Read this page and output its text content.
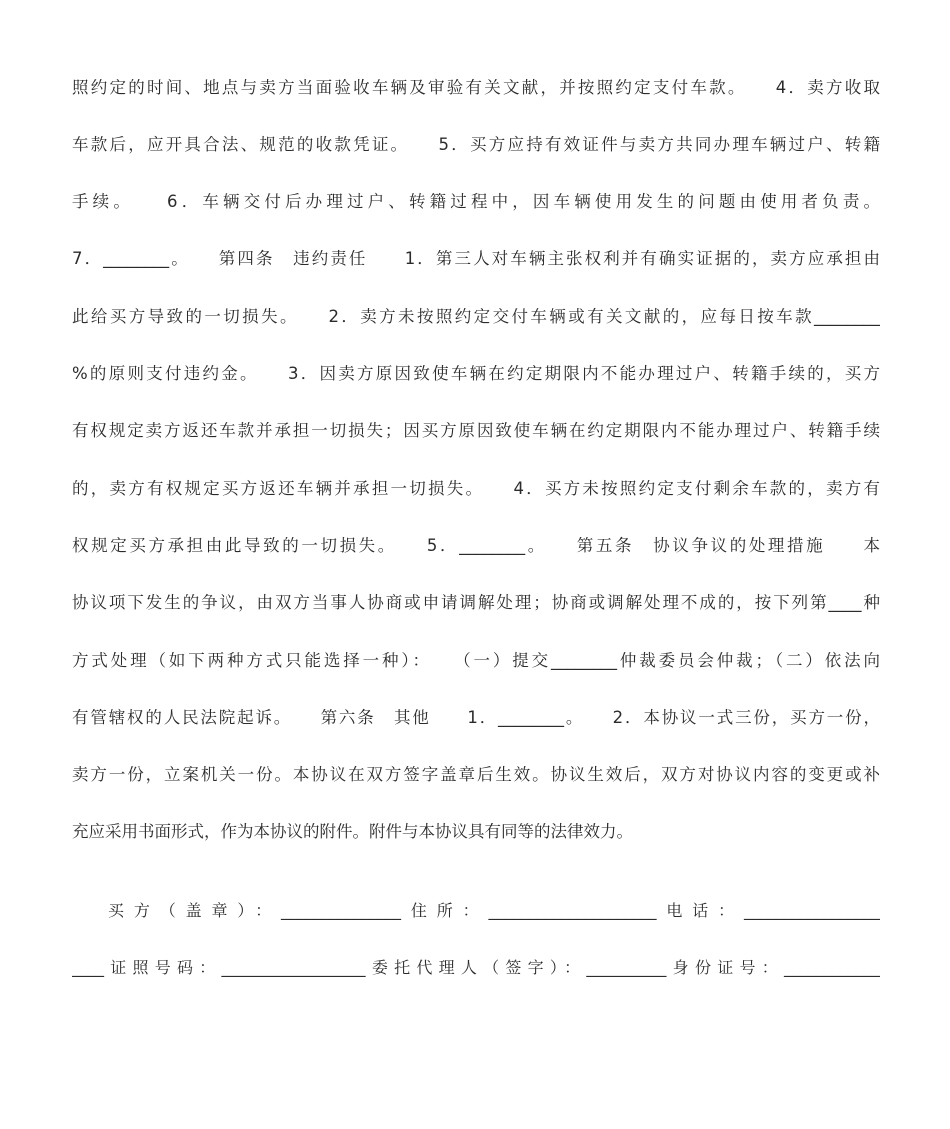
照约定的时间、地点与卖方当面验收车辆及审验有关文献，并按照约定支付车款。　　4．卖方收取
车款后，应开具合法、规范的收款凭证。　　5．买方应持有效证件与卖方共同办理车辆过户、转籍
手续。　　6．车辆交付后办理过户、转籍过程中，因车辆使用发生的问题由使用者负责。
7．________。　　第四条　违约责任　　1．第三人对车辆主张权利并有确实证据的，卖方应承担由
此给买方导致的一切损失。　　2．卖方未按照约定交付车辆或有关文献的，应每日按车款________
%的原则支付违约金。　　3．因卖方原因致使车辆在约定期限内不能办理过户、转籍手续的，买方
有权规定卖方返还车款并承担一切损失；因买方原因致使车辆在约定期限内不能办理过户、转籍手续
的，卖方有权规定买方返还车辆并承担一切损失。　　4．买方未按照约定支付剩余车款的，卖方有
权规定买方承担由此导致的一切损失。　　5．________。　　第五条　协议争议的处理措施　　本
协议项下发生的争议，由双方当事人协商或申请调解处理；协商或调解处理不成的，按下列第____种
方式处理（如下两种方式只能选择一种）：　　（一）提交________仲裁委员会仲裁；（二）依法向
有管辖权的人民法院起诉。　　第六条　其他　　1．________。　　2．本协议一式三份，买方一份，
卖方一份，立案机关一份。本协议在双方签字盖章后生效。协议生效后，双方对协议内容的变更或补
充应采用书面形式，作为本协议的附件。附件与本协议具有同等的法律效力。
买方（盖章）：_______________住所：_____________________电话：_________________
____证照号码：__________________委托代理人（签字）：__________身份证号：____________
